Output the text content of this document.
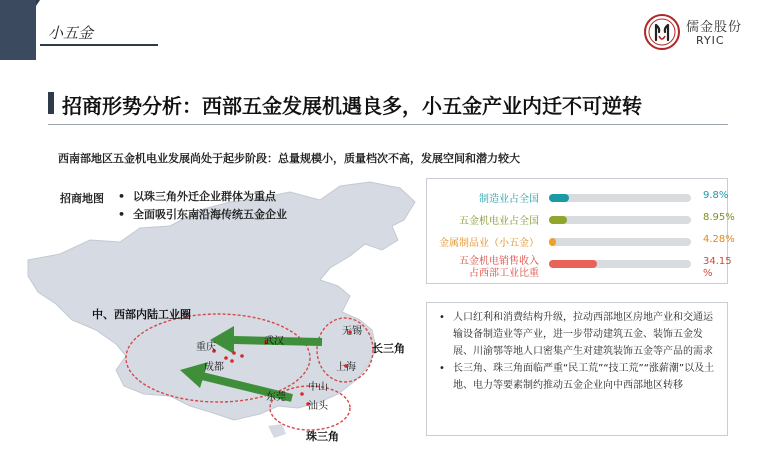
小五金	儒金股份
RYIC
招商形势分析：西部五金发展机遇良多，小五金产业内迁不可逆转
西南部地区五金机电业发展尚处于起步阶段：总量规模小，质量档次不高，发展空间和潜力较大
中、西部内陆工业圈
长三角
珠三角
无锡
武汉
重庆
成都	上海
中山
东莞
汕头
招商地图
•	以珠三角外迁企业群体为重点
• 全面吸引东南沿海传统五金企业
制造业占全国	9.8%
五金机电业占全国	8.95%
金属制品业（小五金）	4.28%
五金机电销售收入
占西部工业比重
34.15
%
• 人口红利和消费结构升级，拉动西部地区房地产业和交通运输设备制造业等产业，进一步带动建筑五金、装饰五金发展、川渝鄂等地人口密集产生对建筑装饰五金等产品的需求
• 长三角、珠三角面临严重“民工荒”“技工荒”“涨薪潮”以及土地、电力等要素制约推动五金企业向中西部地区转移
